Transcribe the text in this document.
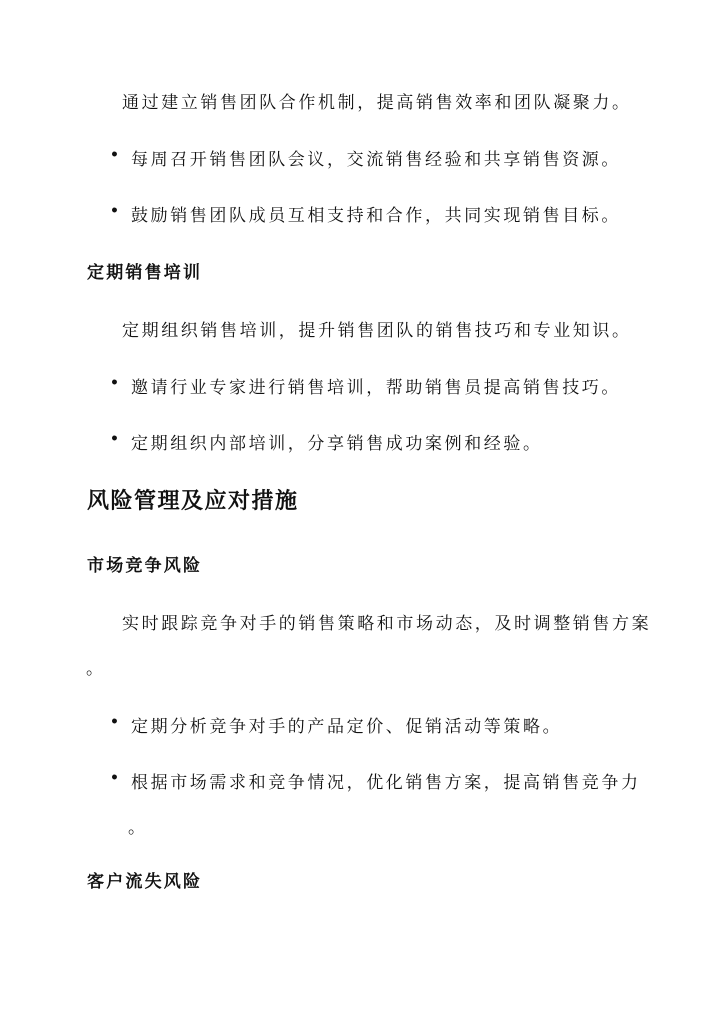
通过建立销售团队合作机制，提高销售效率和团队凝聚力。
• 每周召开销售团队会议，交流销售经验和共享销售资源。
• 鼓励销售团队成员互相支持和合作，共同实现销售目标。
定期销售培训
定期组织销售培训，提升销售团队的销售技巧和专业知识。
• 邀请行业专家进行销售培训，帮助销售员提高销售技巧。
• 定期组织内部培训，分享销售成功案例和经验。
风险管理及应对措施
市场竞争风险
实时跟踪竞争对手的销售策略和市场动态，及时调整销售方案
。
• 定期分析竞争对手的产品定价、促销活动等策略。
• 根据市场需求和竞争情况，优化销售方案，提高销售竞争力
。
客户流失风险
